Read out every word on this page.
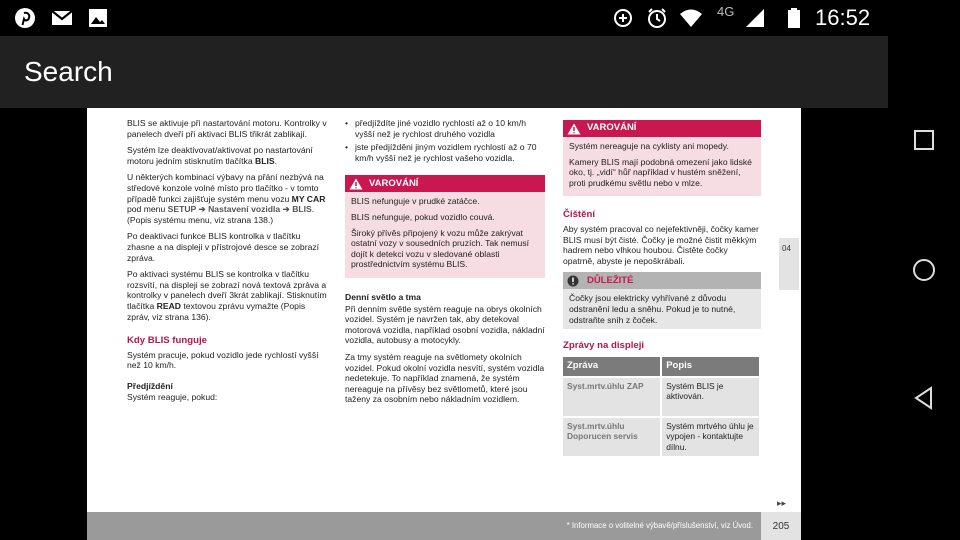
4G	16:52
Search

BLIS se aktivuje při nastartování motoru. Kontrolky v panelech dveří při aktivaci BLIS třikrát zablikají.

Systém lze deaktivovat/aktivovat po nastartování motoru jedním stisknutím tlačítka BLIS.

U některých kombinací výbavy na přání nezbývá na středové konzole volné místo pro tlačítko - v tomto případě funkci zajišťuje systém menu vozu MY CAR pod menu SETUP ➔ Nastavení vozidla ➔ BLIS. (Popis systému menu, viz strana 138.)

Po deaktivaci funkce BLIS kontrolka v tlačítku zhasne a na displeji v přístrojové desce se zobrazí zpráva.

Po aktivaci systému BLIS se kontrolka v tlačítku rozsvítí, na displeji se zobrazí nová textová zpráva a kontrolky v panelech dveří 3krát zablikají. Stisknutím tlačítka READ textovou zprávu vymažte (Popis zpráv, viz strana 136).

Kdy BLIS funguje

Systém pracuje, pokud vozidlo jede rychlostí vyšší než 10 km/h.

Předjíždění

Systém reaguje, pokud:

• předjíždíte jiné vozidlo rychlostí až o 10 km/h vyšší než je rychlost druhého vozidla
• jste předjížděni jiným vozidlem rychlostí až o 70 km/h vyšší než je rychlost vašeho vozidla.
VAROVÁNÍ

BLIS nefunguje v prudké zatáčce.

BLIS nefunguje, pokud vozidlo couvá.

Široký přívěs připojený k vozu může zakrývat ostatní vozy v sousedních pruzích. Tak nemusí dojít k detekci vozu v sledované oblasti prostřednictvím systému BLIS.

Denní světlo a tma

Při denním světle systém reaguje na obrys okolních vozidel. Systém je navržen tak, aby detekoval motorová vozidla, například osobní vozidla, nákladní vozidla, autobusy a motocykly.

Za tmy systém reaguje na světlomety okolních vozidel. Pokud okolní vozidla nesvítí, systém vozidla nedetekuje. To například znamená, že systém nereaguje na přívěsy bez světlometů, které jsou taženy za osobním nebo nákladním vozidlem.

VAROVÁNÍ

Systém nereaguje na cyklisty ani mopedy.

Kamery BLIS mají podobná omezení jako lidské oko, tj. „vidí“ hůř například v hustém sněžení, proti prudkému světlu nebo v mlze.

Čištění

Aby systém pracoval co nejefektivněji, čočky kamer BLIS musí být čisté. Čočky je možné čistit měkkým hadrem nebo vlhkou houbou. Čistěte čočky opatrně, abyste je nepoškrábali.

DŮLEŽITÉ
Čočky jsou elektricky vyhřívané z důvodu odstranění ledu a sněhu. Pokud je to nutné, odstraňte sníh z čoček.
Zprávy na displeji
Zpráva	Popis
Syst.mrtv.úhlu ZAP	Systém BLIS je aktivován.
Syst.mrtv.úhlu Doporucen servis	Systém mrtvého úhlu je vypojen - kontaktujte dílnu.
04
▸▸
* Informace o volitelné výbavě/příslušenství, viz Úvod.	205
